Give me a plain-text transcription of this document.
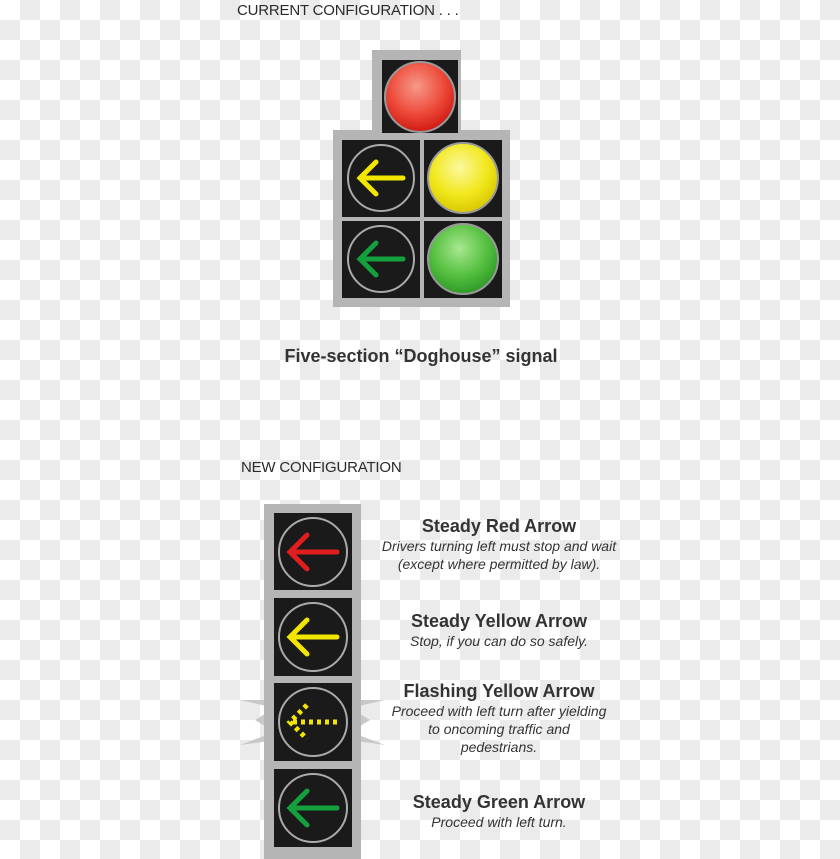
CURRENT CONFIGURATION . . .
Five-section “Doghouse” signal
NEW CONFIGURATION
Steady Red Arrow
Drivers turning left must stop and wait (except where permitted by law).
Steady Yellow Arrow
Stop, if you can do so safely.
Flashing Yellow Arrow
Proceed with left turn after yielding to oncoming traffic and pedestrians.
Steady Green Arrow
Proceed with left turn.
